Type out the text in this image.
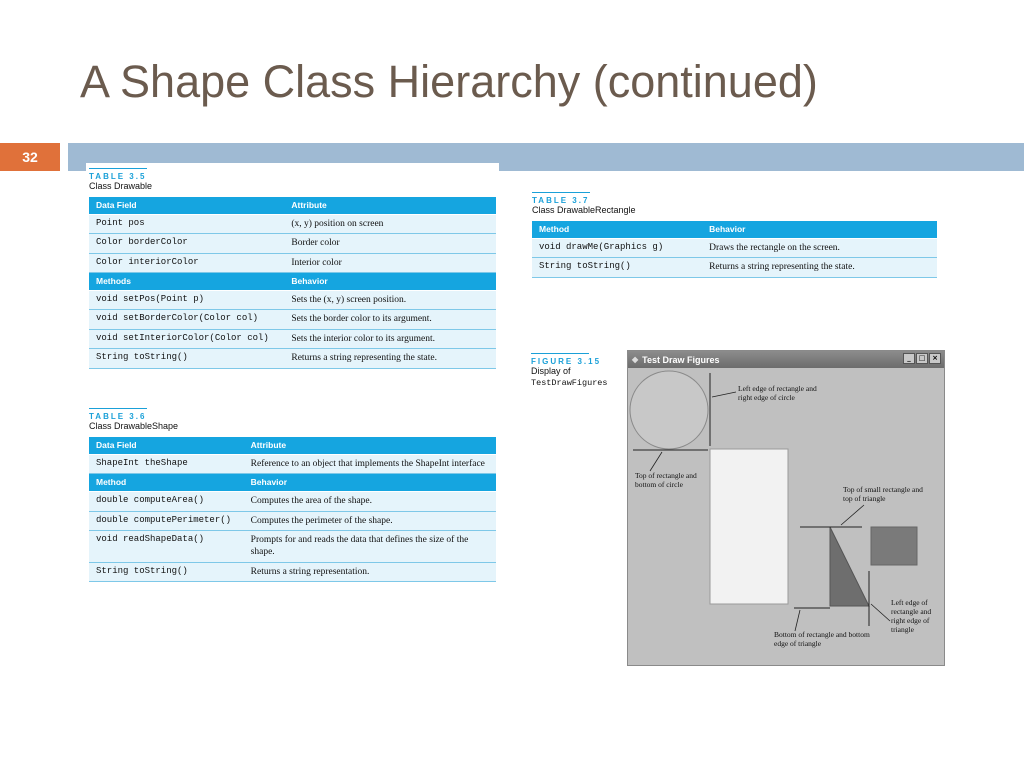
A Shape Class Hierarchy (continued)
32
TABLE 3.5
Class Drawable
Data Field	Attribute
Point pos	(x, y) position on screen
Color borderColor	Border color
Color interiorColor	Interior color
Methods	Behavior
void setPos(Point p)	Sets the (x, y) screen position.
void setBorderColor(Color col)	Sets the border color to its argument.
void setInteriorColor(Color col)	Sets the interior color to its argument.
String toString()	Returns a string representing the state.
TABLE 3.6
Class DrawableShape
Data Field	Attribute
ShapeInt theShape	Reference to an object that implements the ShapeInt interface
Method	Behavior
double computeArea()	Computes the area of the shape.
double computePerimeter()	Computes the perimeter of the shape.
void readShapeData()	Prompts for and reads the data that defines the size of the shape.
String toString()	Returns a string representation.
TABLE 3.7
Class DrawableRectangle
Method	Behavior
void drawMe(Graphics g)	Draws the rectangle on the screen.
String toString()	Returns a string representing the state.
FIGURE 3.15
Display of
TestDrawFigures
◆ Test Draw Figures	_	□ ×
Left edge of rectangle and right edge of circle
Top of rectangle and bottom of circle
Top of small rectangle and top of triangle
Left edge of rectangle and right edge of triangle
Bottom of rectangle and bottom edge of triangle
